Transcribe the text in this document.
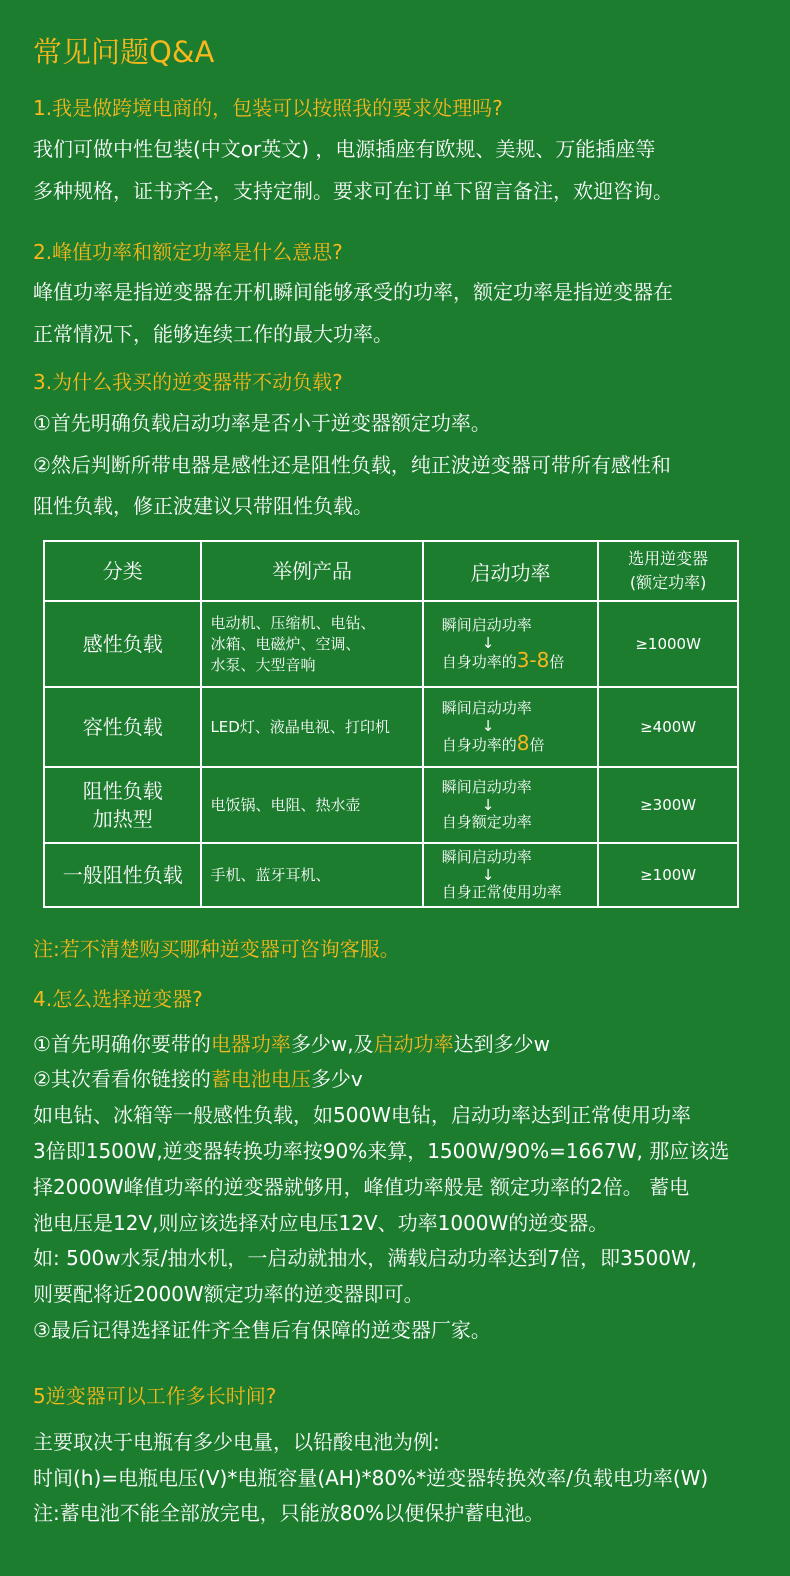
常见问题Q&A
1.我是做跨境电商的，包装可以按照我的要求处理吗?
我们可做中性包装(中文or英文) ，电源插座有欧规、美规、万能插座等
多种规格，证书齐全，支持定制。要求可在订单下留言备注，欢迎咨询。
2.峰值功率和额定功率是什么意思?
峰值功率是指逆变器在开机瞬间能够承受的功率，额定功率是指逆变器在
正常情况下，能够连续工作的最大功率。
3.为什么我买的逆变器带不动负载?
①首先明确负载启动功率是否小于逆变器额定功率。
②然后判断所带电器是感性还是阻性负载，纯正波逆变器可带所有感性和
阻性负载，修正波建议只带阻性负载。
分类	举例产品	启动功率	选用逆变器
(额定功率)
感性负载	电动机、压缩机、电钻、
冰箱、电磁炉、空调、
水泵、大型音响	瞬间启动功率
↓
自身功率的3-8倍	≥1000W
容性负载	LED灯、液晶电视、打印机	瞬间启动功率
↓
自身功率的8倍	≥400W
阻性负载
加热型	电饭锅、电阻、热水壶	瞬间启动功率
↓
自身额定功率	≥300W
一般阻性负载	手机、蓝牙耳机、	瞬间启动功率
↓
自身正常使用功率	≥100W
注:若不清楚购买哪种逆变器可咨询客服。
4.怎么选择逆变器?
①首先明确你要带的电器功率多少w,及启动功率达到多少w
②其次看看你链接的蓄电池电压多少v
如电钻、冰箱等一般感性负载，如500W电钻，启动功率达到正常使用功率
3倍即1500W,逆变器转换功率按90%来算，1500W/90%=1667W, 那应该选
择2000W峰值功率的逆变器就够用，峰值功率般是 额定功率的2倍。 蓄电
池电压是12V,则应该选择对应电压12V、功率1000W的逆变器。
如: 500w水泵/抽水机，一启动就抽水，满载启动功率达到7倍，即3500W,
则要配将近2000W额定功率的逆变器即可。
③最后记得选择证件齐全售后有保障的逆变器厂家。
5逆变器可以工作多长时间?
主要取决于电瓶有多少电量，以铅酸电池为例:
时间(h)=电瓶电压(V)*电瓶容量(AH)*80%*逆变器转换效率/负载电功率(W)
注:蓄电池不能全部放完电，只能放80%以便保护蓄电池。
